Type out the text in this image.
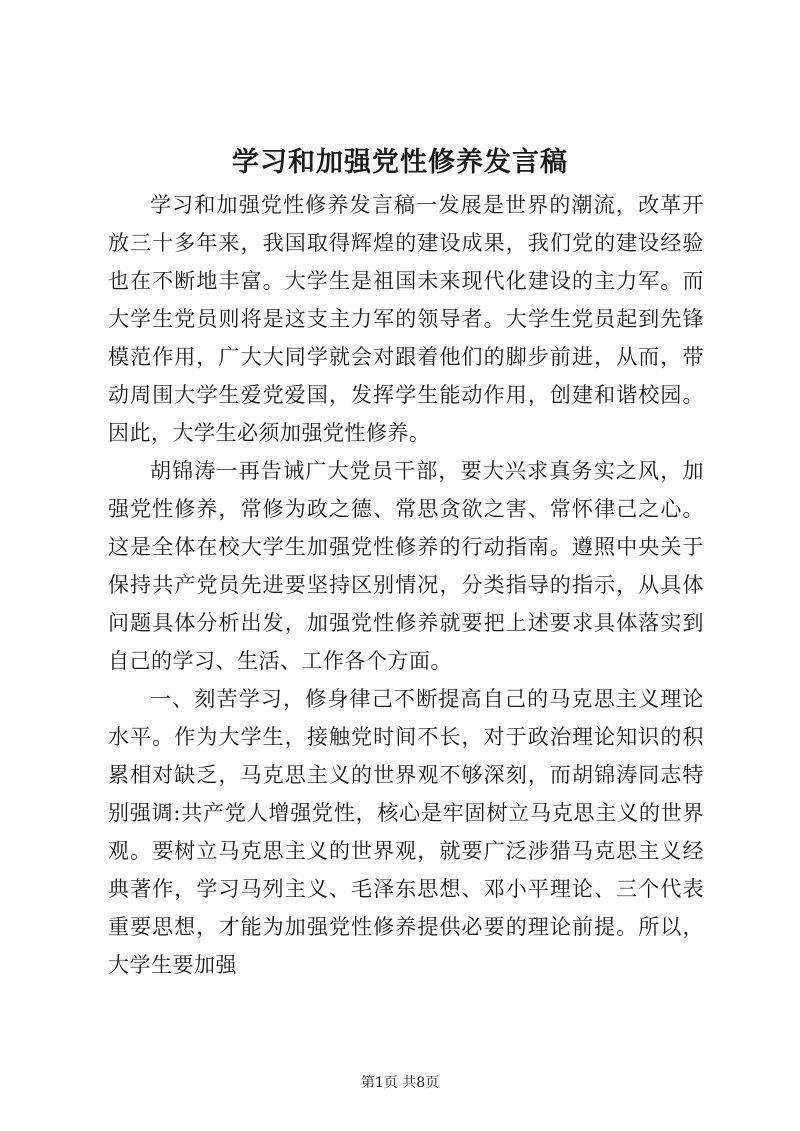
学习和加强党性修养发言稿

学习和加强党性修养发言稿一发展是世界的潮流，改革开放三十多年来，我国取得辉煌的建设成果，我们党的建设经验也在不断地丰富。大学生是祖国未来现代化建设的主力军。而大学生党员则将是这支主力军的领导者。大学生党员起到先锋模范作用，广大大同学就会对跟着他们的脚步前进，从而，带动周围大学生爱党爱国，发挥学生能动作用，创建和谐校园。因此，大学生必须加强党性修养。

胡锦涛一再告诫广大党员干部，要大兴求真务实之风，加强党性修养，常修为政之德、常思贪欲之害、常怀律己之心。这是全体在校大学生加强党性修养的行动指南。遵照中央关于保持共产党员先进要坚持区别情况，分类指导的指示，从具体问题具体分析出发，加强党性修养就要把上述要求具体落实到自己的学习、生活、工作各个方面。

一、刻苦学习，修身律己不断提高自己的马克思主义理论水平。作为大学生，接触党时间不长，对于政治理论知识的积累相对缺乏，马克思主义的世界观不够深刻，而胡锦涛同志特别强调:共产党人增强党性，核心是牢固树立马克思主义的世界观。要树立马克思主义的世界观，就要广泛涉猎马克思主义经典著作，学习马列主义、毛泽东思想、邓小平理论、三个代表重要思想，才能为加强党性修养提供必要的理论前提。所以，大学生要加强

第1页 共8页
